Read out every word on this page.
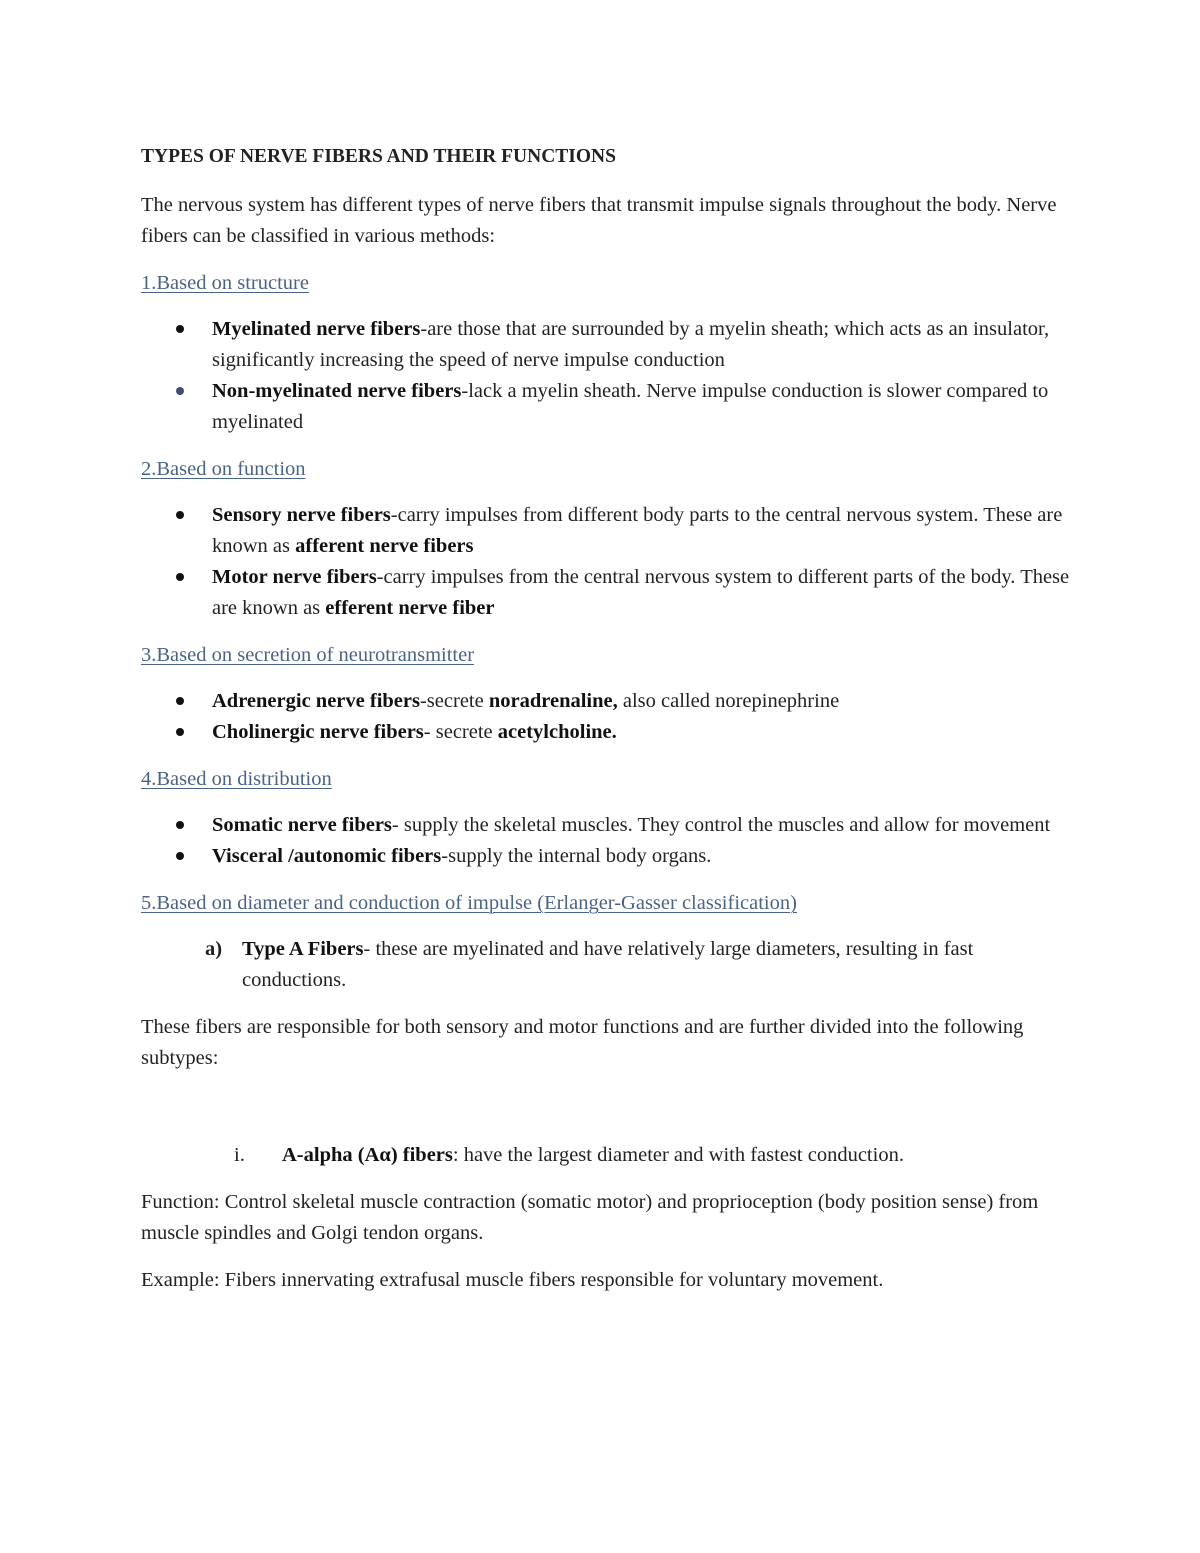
TYPES OF NERVE FIBERS AND THEIR FUNCTIONS
The nervous system has different types of nerve fibers that transmit impulse signals throughout the body. Nerve fibers can be classified in various methods:
1.Based on structure
Myelinated nerve fibers-are those that are surrounded by a myelin sheath; which acts as an insulator, significantly increasing the speed of nerve impulse conduction
Non-myelinated nerve fibers-lack a myelin sheath. Nerve impulse conduction is slower compared to myelinated
2.Based on function
Sensory nerve fibers-carry impulses from different body parts to the central nervous system. These are known as afferent nerve fibers
Motor nerve fibers-carry impulses from the central nervous system to different parts of the body. These are known as efferent nerve fiber
3.Based on secretion of neurotransmitter
Adrenergic nerve fibers-secrete noradrenaline, also called norepinephrine
Cholinergic nerve fibers- secrete acetylcholine.
4.Based on distribution
Somatic nerve fibers- supply the skeletal muscles. They control the muscles and allow for movement
Visceral /autonomic fibers-supply the internal body organs.
5.Based on diameter and conduction of impulse (Erlanger-Gasser classification)
a) Type A Fibers- these are myelinated and have relatively large diameters, resulting in fast conductions.
These fibers are responsible for both sensory and motor functions and are further divided into the following subtypes:
i. A-alpha (Aα) fibers: have the largest diameter and with fastest conduction.
Function: Control skeletal muscle contraction (somatic motor) and proprioception (body position sense) from muscle spindles and Golgi tendon organs.
Example: Fibers innervating extrafusal muscle fibers responsible for voluntary movement.
